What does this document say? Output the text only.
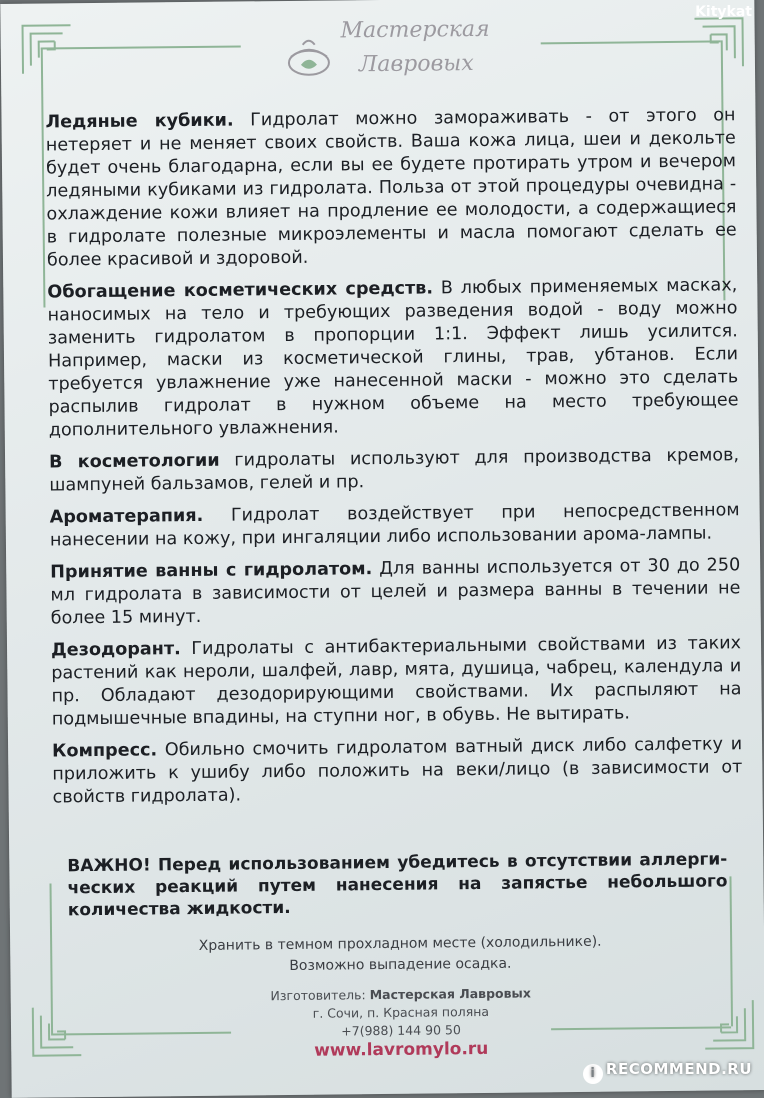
Мастерская
Лавровых

Ледяные кубики. Гидролат можно замораживать - от этого он нетеряет и не меняет своих свойств. Ваша кожа лица, шеи и декольте будет очень благодарна, если вы ее будете протирать утром и вечером ледяными кубиками из гидролата. Польза от этой процедуры очевидна - охлаждение кожи влияет на продление ее молодости, а содержащиеся в гидролате полезные микроэлементы и масла помогают сделать ее более красивой и здоровой.

Обогащение косметических средств. В любых применяемых масках, наносимых на тело и требующих разведения водой - воду можно заменить гидролатом в пропорции 1:1. Эффект лишь усилится. Например, маски из косметической глины, трав, убтанов. Если требуется увлажнение уже нанесенной маски - можно это сделать распылив гидролат в нужном объеме на место требующее дополнительного увлажнения.

В косметологии гидролаты используют для производства кремов, шампуней бальзамов, гелей и пр.

Ароматерапия. Гидролат воздействует при непосредственном нанесении на кожу, при ингаляции либо использовании арома-лампы.

Принятие ванны с гидролатом. Для ванны используется от 30 до 250 мл гидролата в зависимости от целей и размера ванны в течении не более 15 минут.

Дезодорант. Гидролаты с антибактериальными свойствами из таких растений как нероли, шалфей, лавр, мята, душица, чабрец, календула и пр. Обладают дезодорирующими свойствами. Их распыляют на подмышечные впадины, на ступни ног, в обувь. Не вытирать.

Компресс. Обильно смочить гидролатом ватный диск либо салфетку и приложить к ушибу либо положить на веки/лицо (в зависимости от свойств гидролата).

ВАЖНО! Перед использованием убедитесь в отсутствии аллерги-ческих реакций путем нанесения на запястье небольшого количества жидкости.
Хранить в темном прохладном месте (холодильнике).
Возможно выпадение осадка.
Изготовитель: Мастерская Лавровых
г. Сочи, п. Красная поляна
+7(988) 144 90 50
www.lavromylo.ru
Kitykat
i RECOMMEND.RU
